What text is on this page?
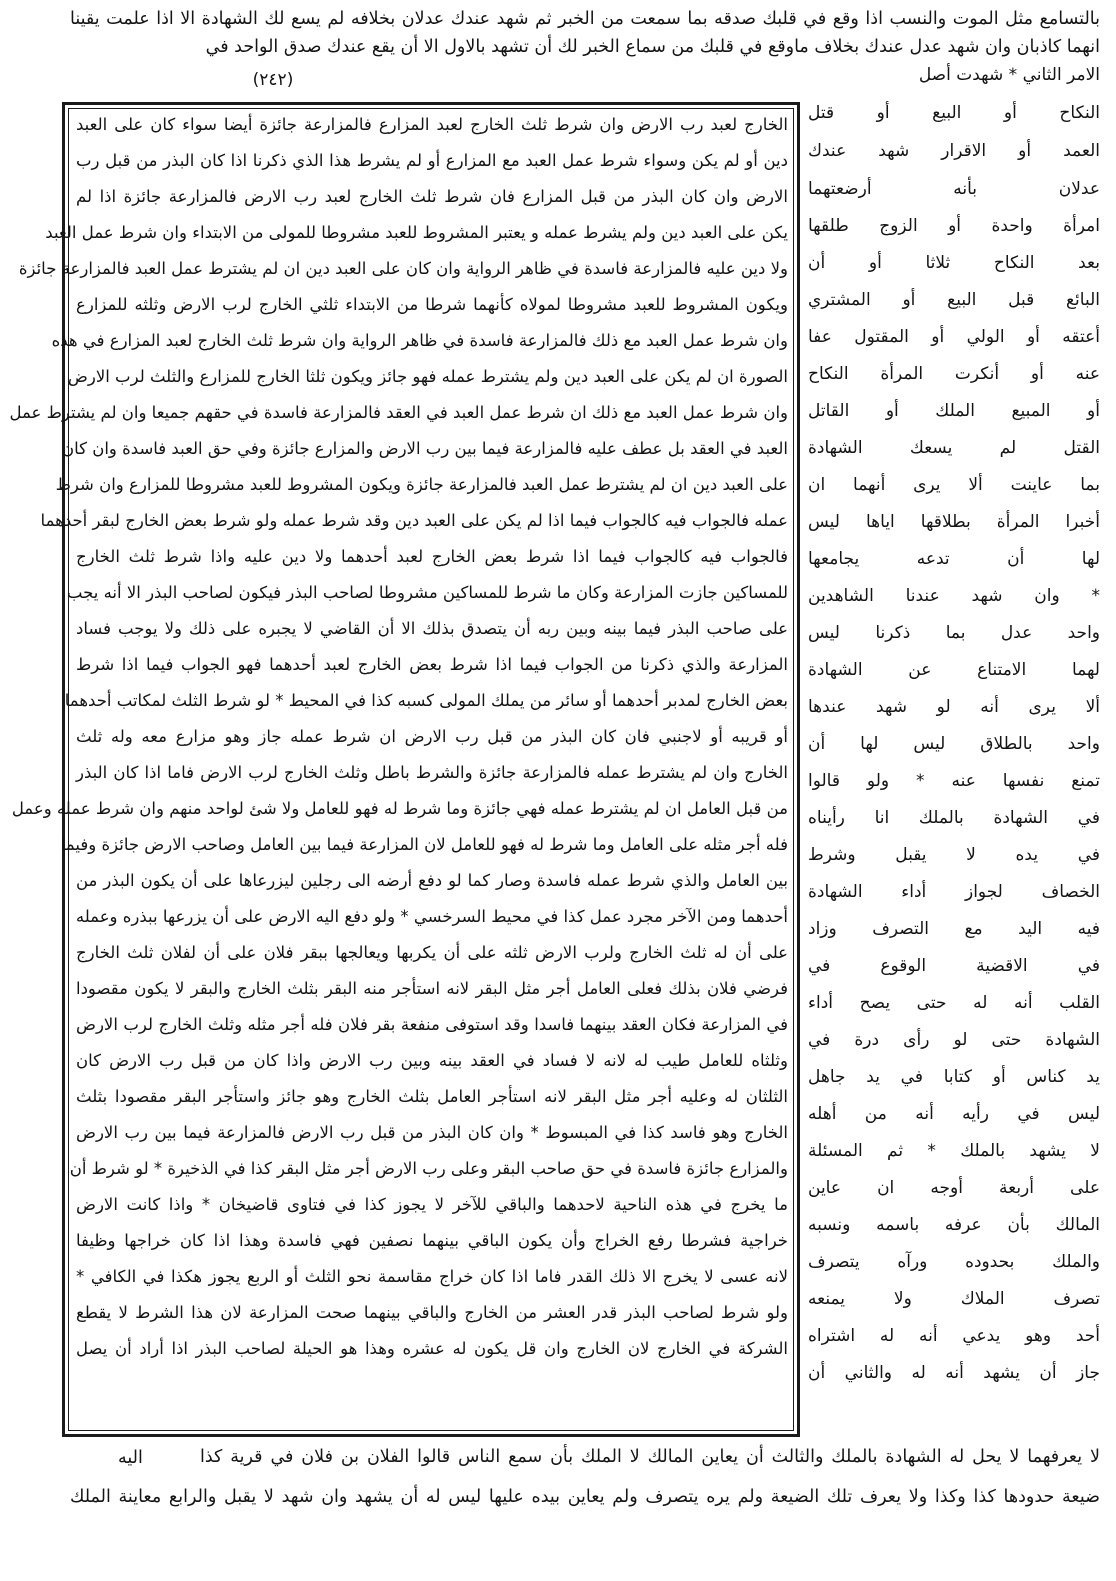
بالتسامع مثل الموت والنسب اذا وقع في قلبك صدقه بما سمعت من الخبر ثم شهد عندك عدلان بخلافه لم يسع لك الشهادة الا اذا علمت يقينا
انهما كاذبان وان شهد عدل عندك بخلاف ماوقع في قلبك من سماع الخبر لك أن تشهد بالاول الا أن يقع عندك صدق الواحد في
(٢٤٢)	الامر الثاني * شهدت أصل
النكاح أو البيع أو قتل
العمد أو الاقرار شهد عندك
عدلان بأنه أرضعتهما
امرأة واحدة أو الزوج طلقها
بعد النكاح ثلاثا أو أن
البائع قبل البيع أو المشتري
أعتقه أو الولي أو المقتول عفا
عنه أو أنكرت المرأة النكاح
أو المبيع الملك أو القاتل
القتل لم يسعك الشهادة
بما عاينت ألا يرى أنهما ان
أخبرا المرأة بطلاقها اياها ليس
لها أن تدعه يجامعها
* وان شهد عندنا الشاهدين
واحد عدل بما ذكرنا ليس
لهما الامتناع عن الشهادة
ألا يرى أنه لو شهد عندها
واحد بالطلاق ليس لها أن
تمنع نفسها عنه * ولو قالوا
في الشهادة بالملك انا رأيناه
في يده لا يقبل وشرط
الخصاف لجواز أداء الشهادة
فيه اليد مع التصرف وزاد
في الاقضية الوقوع في
القلب أنه له حتى يصح أداء
الشهادة حتى لو رأى درة في
يد كناس أو كتابا في يد جاهل
ليس في رأيه أنه من أهله
لا يشهد بالملك * ثم المسئلة
على أربعة أوجه ان عاين
المالك بأن عرفه باسمه ونسبه
والملك بحدوده ورآه يتصرف
تصرف الملاك ولا يمنعه
أحد وهو يدعي أنه له اشتراه
جاز أن يشهد أنه له والثاني أن
الخارج لعبد رب الارض وان شرط ثلث الخارج لعبد المزارع فالمزارعة جائزة أيضا سواء كان على العبد
دين أو لم يكن وسواء شرط عمل العبد مع المزارع أو لم يشرط هذا الذي ذكرنا اذا كان البذر من قبل رب
الارض وان كان البذر من قبل المزارع فان شرط ثلث الخارج لعبد رب الارض فالمزارعة جائزة اذا لم
يكن على العبد دين ولم يشرط عمله و يعتبر المشروط للعبد مشروطا للمولى من الابتداء وان شرط عمل العبد
ولا دين عليه فالمزارعة فاسدة في ظاهر الرواية وان كان على العبد دين ان لم يشترط عمل العبد فالمزارعة جائزة
ويكون المشروط للعبد مشروطا لمولاه كأنهما شرطا من الابتداء ثلثي الخارج لرب الارض وثلثه للمزارع
وان شرط عمل العبد مع ذلك فالمزارعة فاسدة في ظاهر الرواية وان شرط ثلث الخارج لعبد المزارع في هذه
الصورة ان لم يكن على العبد دين ولم يشترط عمله فهو جائز ويكون ثلثا الخارج للمزارع والثلث لرب الارض
وان شرط عمل العبد مع ذلك ان شرط عمل العبد في العقد فالمزارعة فاسدة في حقهم جميعا وان لم يشترط عمل
العبد في العقد بل عطف عليه فالمزارعة فيما بين رب الارض والمزارع جائزة وفي حق العبد فاسدة وان كان
على العبد دين ان لم يشترط عمل العبد فالمزارعة جائزة ويكون المشروط للعبد مشروطا للمزارع وان شرط
عمله فالجواب فيه كالجواب فيما اذا لم يكن على العبد دين وقد شرط عمله ولو شرط بعض الخارج لبقر أحدهما
فالجواب فيه كالجواب فيما اذا شرط بعض الخارج لعبد أحدهما ولا دين عليه واذا شرط ثلث الخارج
للمساكين جازت المزارعة وكان ما شرط للمساكين مشروطا لصاحب البذر فيكون لصاحب البذر الا أنه يجب
على صاحب البذر فيما بينه وبين ربه أن يتصدق بذلك الا أن القاضي لا يجبره على ذلك ولا يوجب فساد
المزارعة والذي ذكرنا من الجواب فيما اذا شرط بعض الخارج لعبد أحدهما فهو الجواب فيما اذا شرط
بعض الخارج لمدبر أحدهما أو سائر من يملك المولى كسبه كذا في المحيط * لو شرط الثلث لمكاتب أحدهما
أو قريبه أو لاجنبي فان كان البذر من قبل رب الارض ان شرط عمله جاز وهو مزارع معه وله ثلث
الخارج وان لم يشترط عمله فالمزارعة جائزة والشرط باطل وثلث الخارج لرب الارض فاما اذا كان البذر
من قبل العامل ان لم يشترط عمله فهي جائزة وما شرط له فهو للعامل ولا شئ لواحد منهم وان شرط عمله وعمل
فله أجر مثله على العامل وما شرط له فهو للعامل لان المزارعة فيما بين العامل وصاحب الارض جائزة وفيما
بين العامل والذي شرط عمله فاسدة وصار كما لو دفع أرضه الى رجلين ليزرعاها على أن يكون البذر من
أحدهما ومن الآخر مجرد عمل كذا في محيط السرخسي * ولو دفع اليه الارض على أن يزرعها ببذره وعمله
على أن له ثلث الخارج ولرب الارض ثلثه على أن يكربها ويعالجها ببقر فلان على أن لفلان ثلث الخارج
فرضي فلان بذلك فعلى العامل أجر مثل البقر لانه استأجر منه البقر بثلث الخارج والبقر لا يكون مقصودا
في المزارعة فكان العقد بينهما فاسدا وقد استوفى منفعة بقر فلان فله أجر مثله وثلث الخارج لرب الارض
وثلثاه للعامل طيب له لانه لا فساد في العقد بينه وبين رب الارض واذا كان من قبل رب الارض كان
الثلثان له وعليه أجر مثل البقر لانه استأجر العامل بثلث الخارج وهو جائز واستأجر البقر مقصودا بثلث
الخارج وهو فاسد كذا في المبسوط * وان كان البذر من قبل رب الارض فالمزارعة فيما بين رب الارض
والمزارع جائزة فاسدة في حق صاحب البقر وعلى رب الارض أجر مثل البقر كذا في الذخيرة * لو شرط أن
ما يخرج في هذه الناحية لاحدهما والباقي للآخر لا يجوز كذا في فتاوى قاضيخان * واذا كانت الارض
خراجية فشرطا رفع الخراج وأن يكون الباقي بينهما نصفين فهي فاسدة وهذا اذا كان خراجها وظيفا
لانه عسى لا يخرج الا ذلك القدر فاما اذا كان خراج مقاسمة نحو الثلث أو الربع يجوز هكذا في الكافي *
ولو شرط لصاحب البذر قدر العشر من الخارج والباقي بينهما صحت المزارعة لان هذا الشرط لا يقطع
الشركة في الخارج لان الخارج وان قل يكون له عشره وهذا هو الحيلة لصاحب البذر اذا أراد أن يصل
لا يعرفهما لا يحل له الشهادة بالملك والثالث أن يعاين المالك لا الملك بأن سمع الناس قالوا الفلان بن فلان في قرية كذا
اليه
ضيعة حدودها كذا وكذا ولا يعرف تلك الضيعة ولم يره يتصرف ولم يعاين بيده عليها ليس له أن يشهد وان شهد لا يقبل والرابع معاينة الملك
